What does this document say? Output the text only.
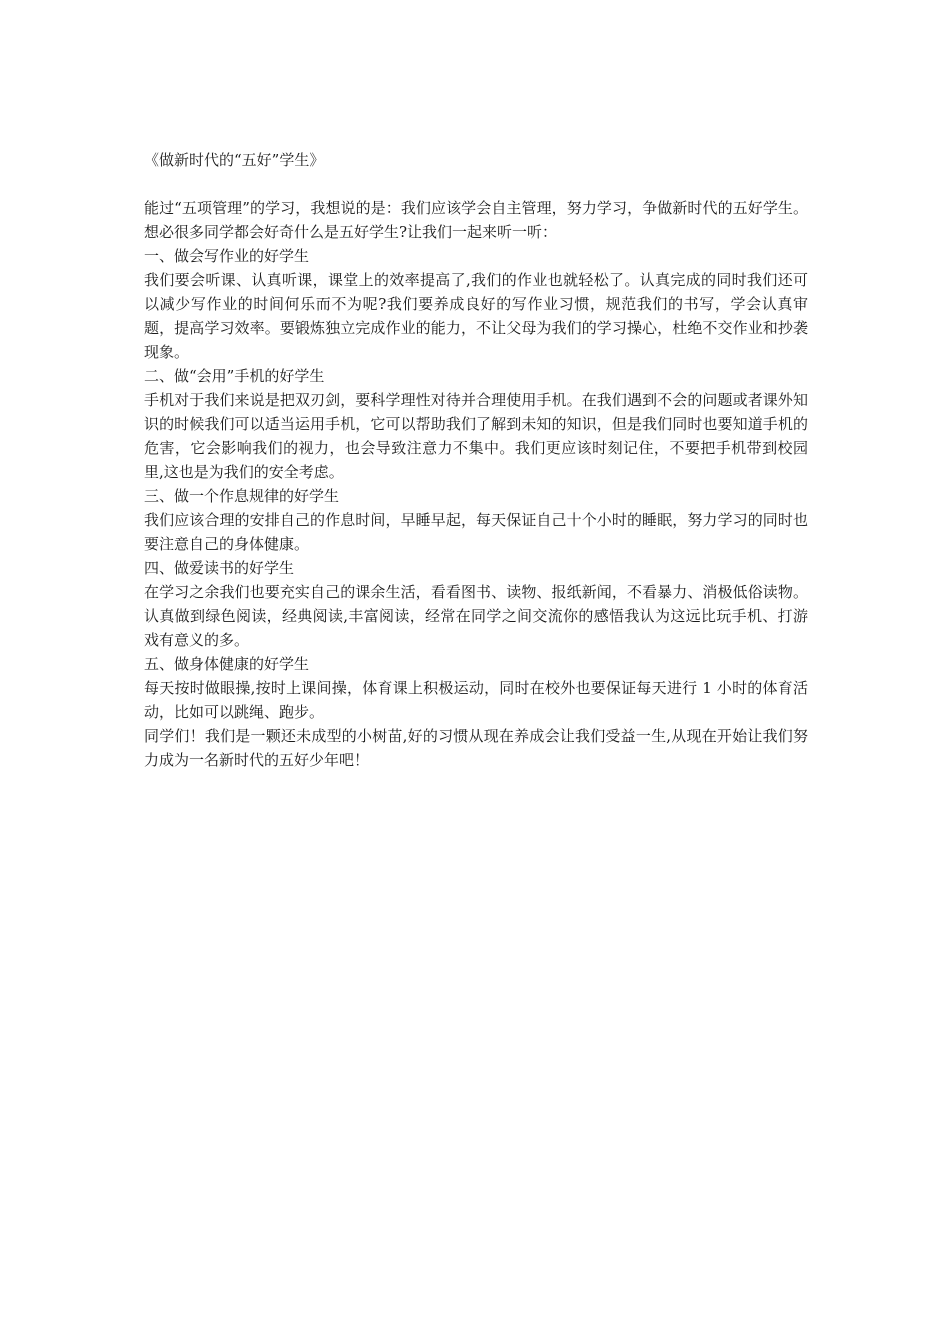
《做新时代的“五好”学生》

能过“五项管理”的学习，我想说的是：我们应该学会自主管理，努力学习，争做新时代的五好学生。想必很多同学都会好奇什么是五好学生?让我们一起来听一听：

一、做会写作业的好学生

我们要会听课、认真听课，课堂上的效率提高了,我们的作业也就轻松了。认真完成的同时我们还可以减少写作业的时间何乐而不为呢?我们要养成良好的写作业习惯，规范我们的书写，学会认真审题，提高学习效率。要锻炼独立完成作业的能力，不让父母为我们的学习操心，杜绝不交作业和抄袭现象。

二、做“会用”手机的好学生

手机对于我们来说是把双刃剑，要科学理性对待并合理使用手机。在我们遇到不会的问题或者课外知识的时候我们可以适当运用手机，它可以帮助我们了解到未知的知识，但是我们同时也要知道手机的危害，它会影响我们的视力，也会导致注意力不集中。我们更应该时刻记住，不要把手机带到校园里,这也是为我们的安全考虑。

三、做一个作息规律的好学生

我们应该合理的安排自己的作息时间，早睡早起，每天保证自己十个小时的睡眠，努力学习的同时也要注意自己的身体健康。

四、做爱读书的好学生

在学习之余我们也要充实自己的课余生活，看看图书、读物、报纸新闻，不看暴力、消极低俗读物。认真做到绿色阅读，经典阅读,丰富阅读，经常在同学之间交流你的感悟我认为这远比玩手机、打游戏有意义的多。

五、做身体健康的好学生

每天按时做眼操,按时上课间操，体育课上积极运动，同时在校外也要保证每天进行 1 小时的体育活动，比如可以跳绳、跑步。

同学们！我们是一颗还未成型的小树苗,好的习惯从现在养成会让我们受益一生,从现在开始让我们努力成为一名新时代的五好少年吧！
